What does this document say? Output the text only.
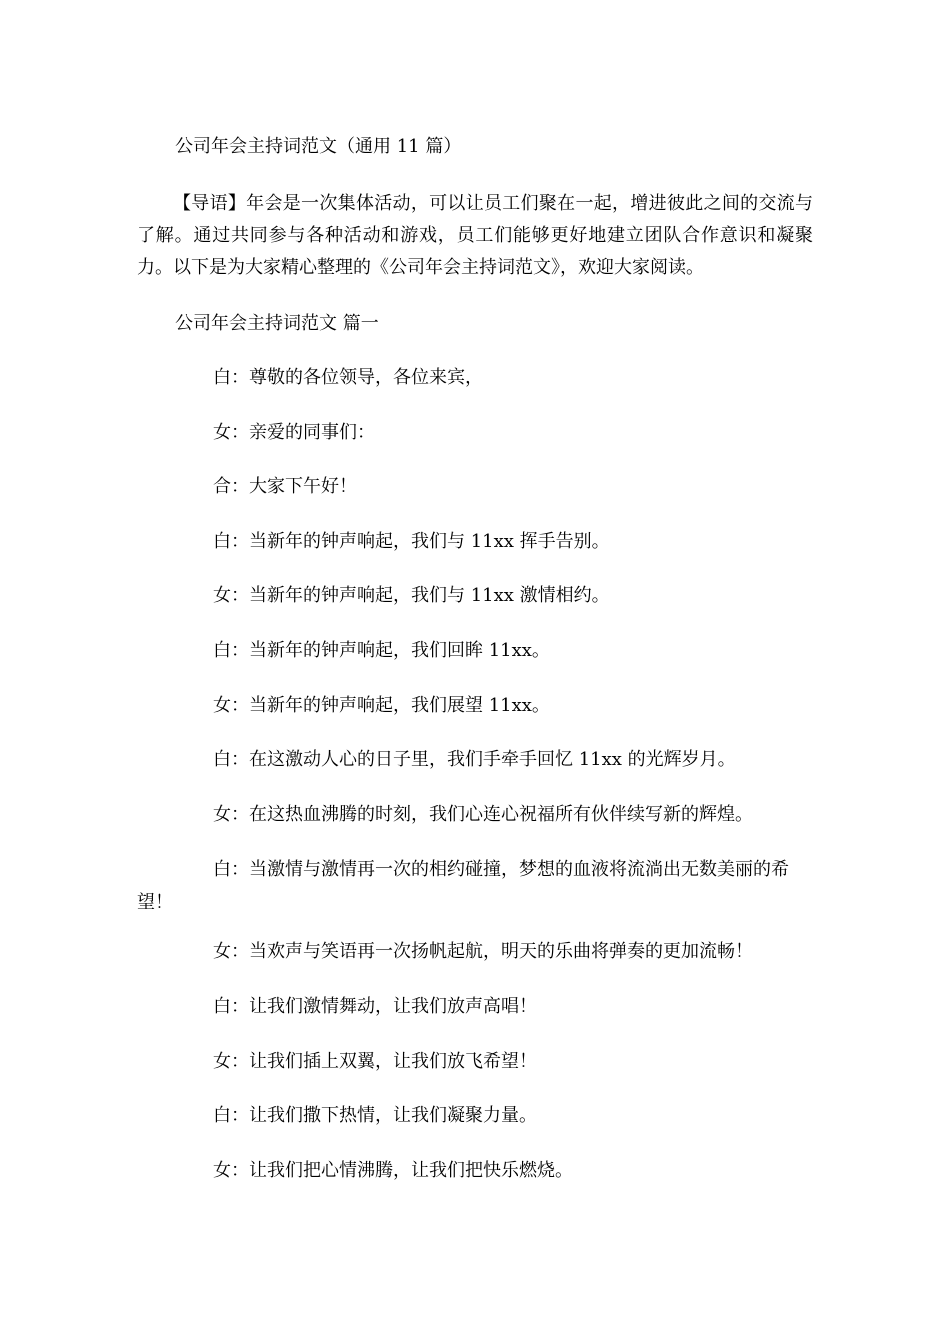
公司年会主持词范文（通用 11 篇）

【导语】年会是一次集体活动，可以让员工们聚在一起，增进彼此之间的交流与了解。通过共同参与各种活动和游戏，员工们能够更好地建立团队合作意识和凝聚力。以下是为大家精心整理的《公司年会主持词范文》，欢迎大家阅读。

公司年会主持词范文 篇一

白 ： 尊敬的各位领导，各位来宾，

女 ： 亲爱的同事们：

合 ： 大家下午好！

白 ： 当新年的钟声响起，我们与 11xx 挥手告别。

女 ： 当新年的钟声响起，我们与 11xx 激情相约。

白 ： 当新年的钟声响起，我们回眸 11xx。

女 ： 当新年的钟声响起，我们展望 11xx。

白 ： 在这激动人心的日子里，我们手牵手回忆 11xx 的光辉岁月。

女 ： 在这热血沸腾的时刻，我们心连心祝福所有伙伴续写新的辉煌。

白 ： 当激情与激情再一次的相约碰撞，梦想的血液将流淌出无数美丽的希望！

女 ： 当欢声与笑语再一次扬帆起航，明天的乐曲将弹奏的更加流畅！

白 ： 让我们激情舞动，让我们放声高唱！

女 ： 让我们插上双翼，让我们放飞希望！

白 ： 让我们撒下热情，让我们凝聚力量。

女 ： 让我们把心情沸腾，让我们把快乐燃烧。
